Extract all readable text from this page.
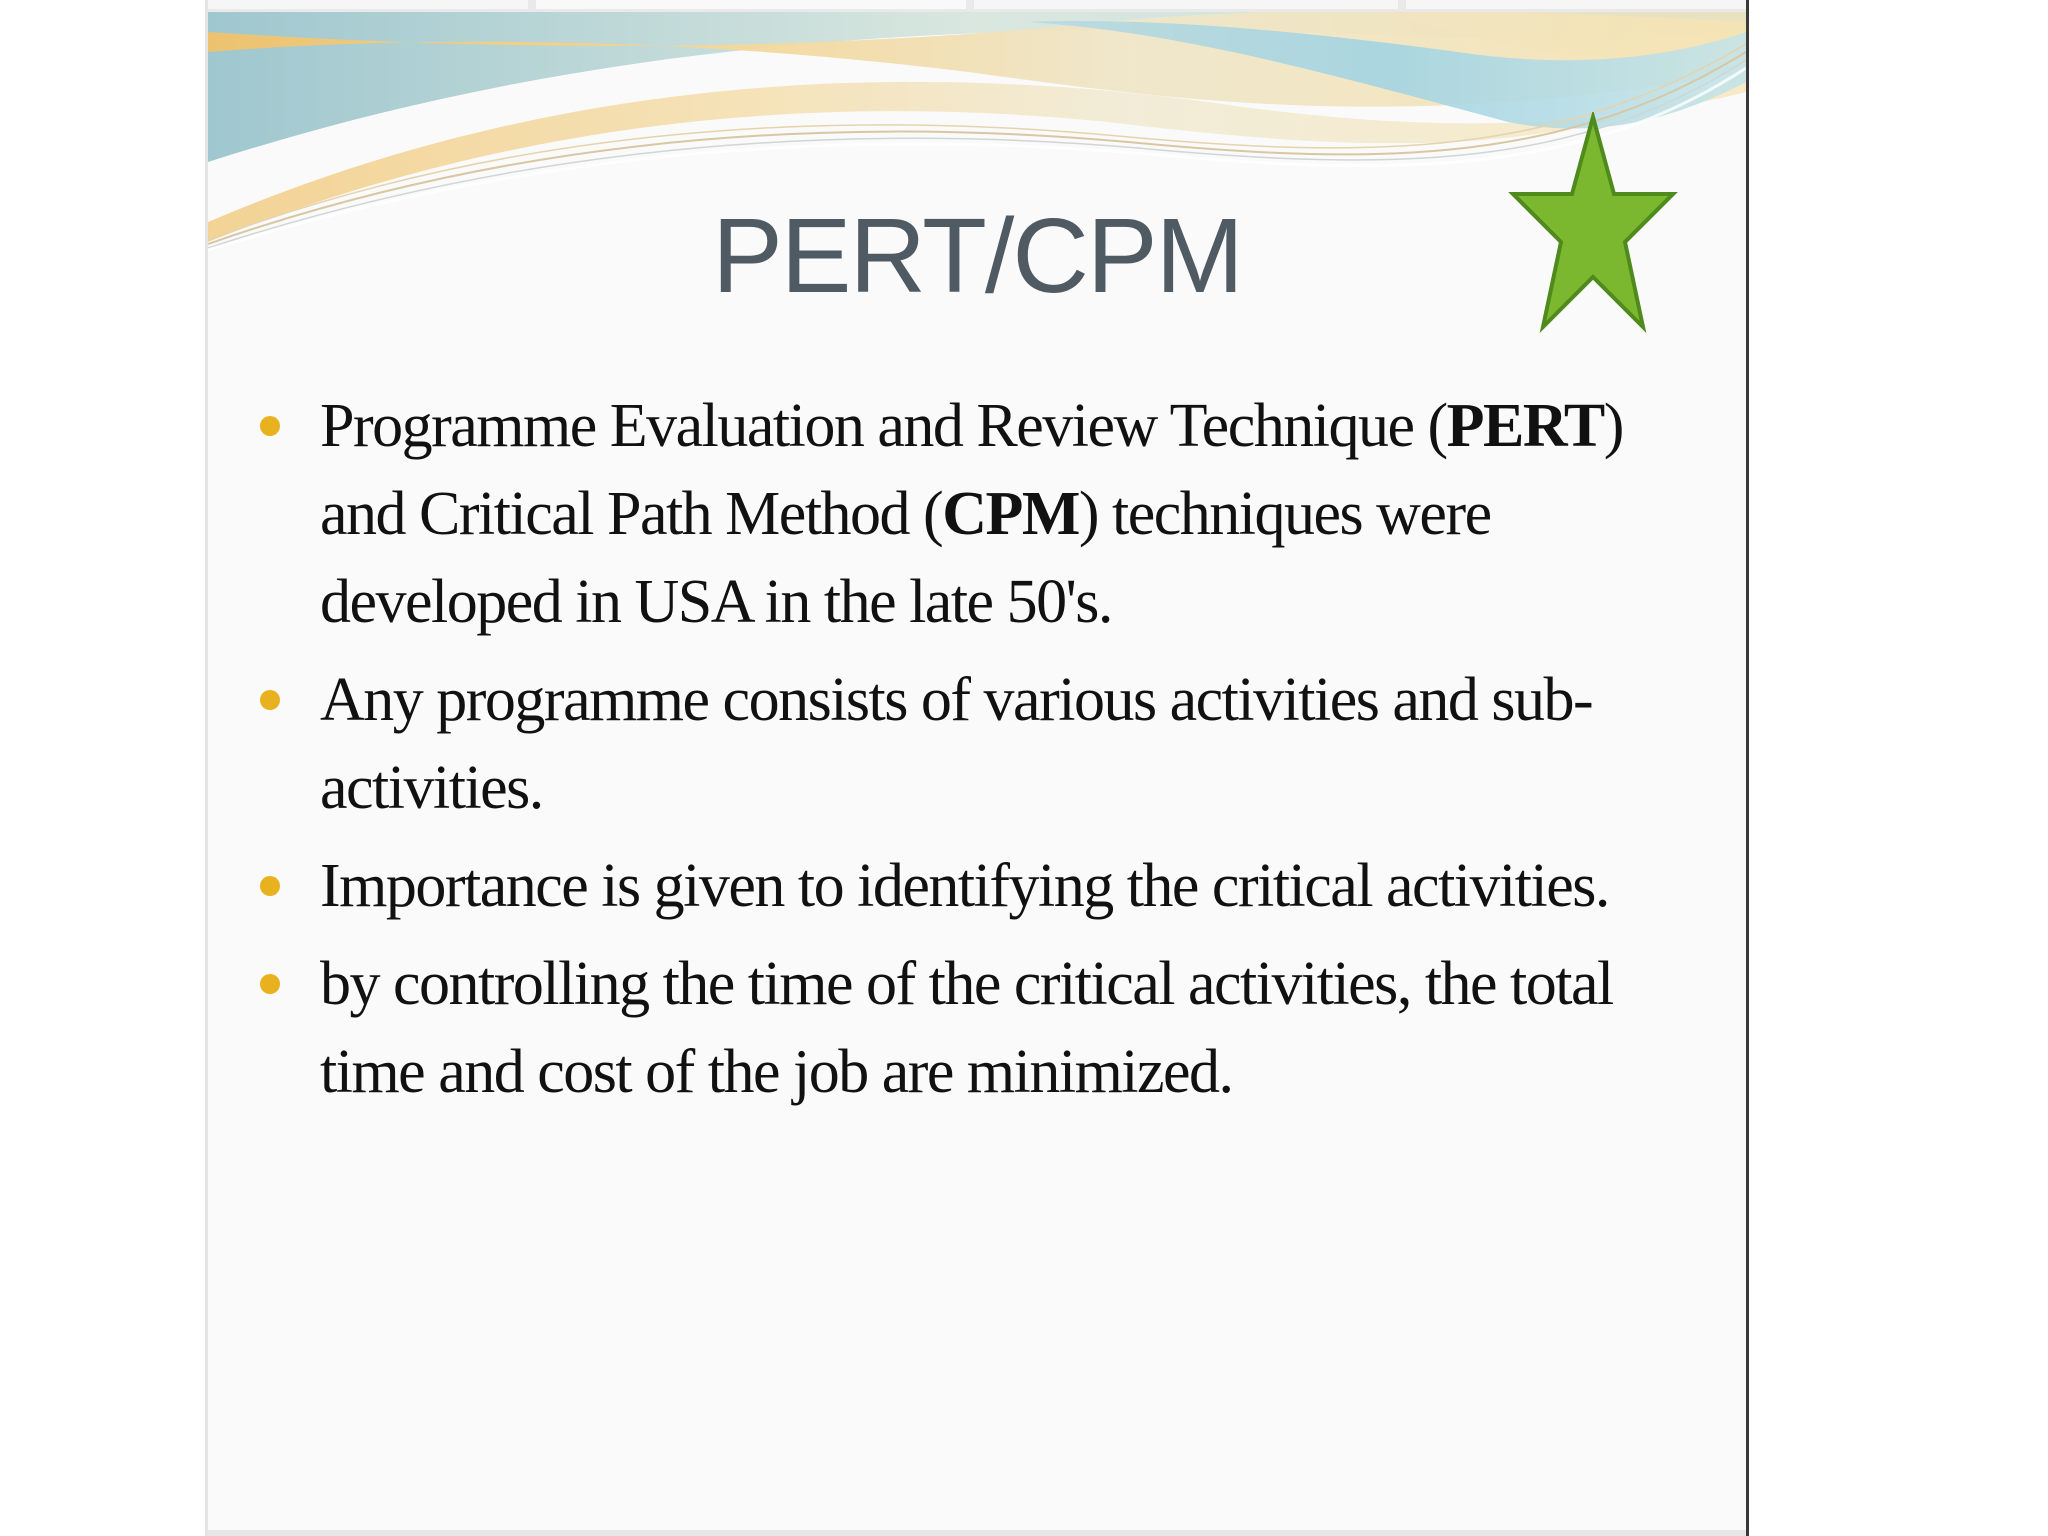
PERT/CPM
Programme Evaluation and Review Technique (PERT) and Critical Path Method (CPM) techniques were developed in USA in the late 50's.
Any programme consists of various activities and sub-activities.
Importance is given to identifying the critical activities.
by controlling the time of the critical activities, the total time and cost of the job are minimized.
